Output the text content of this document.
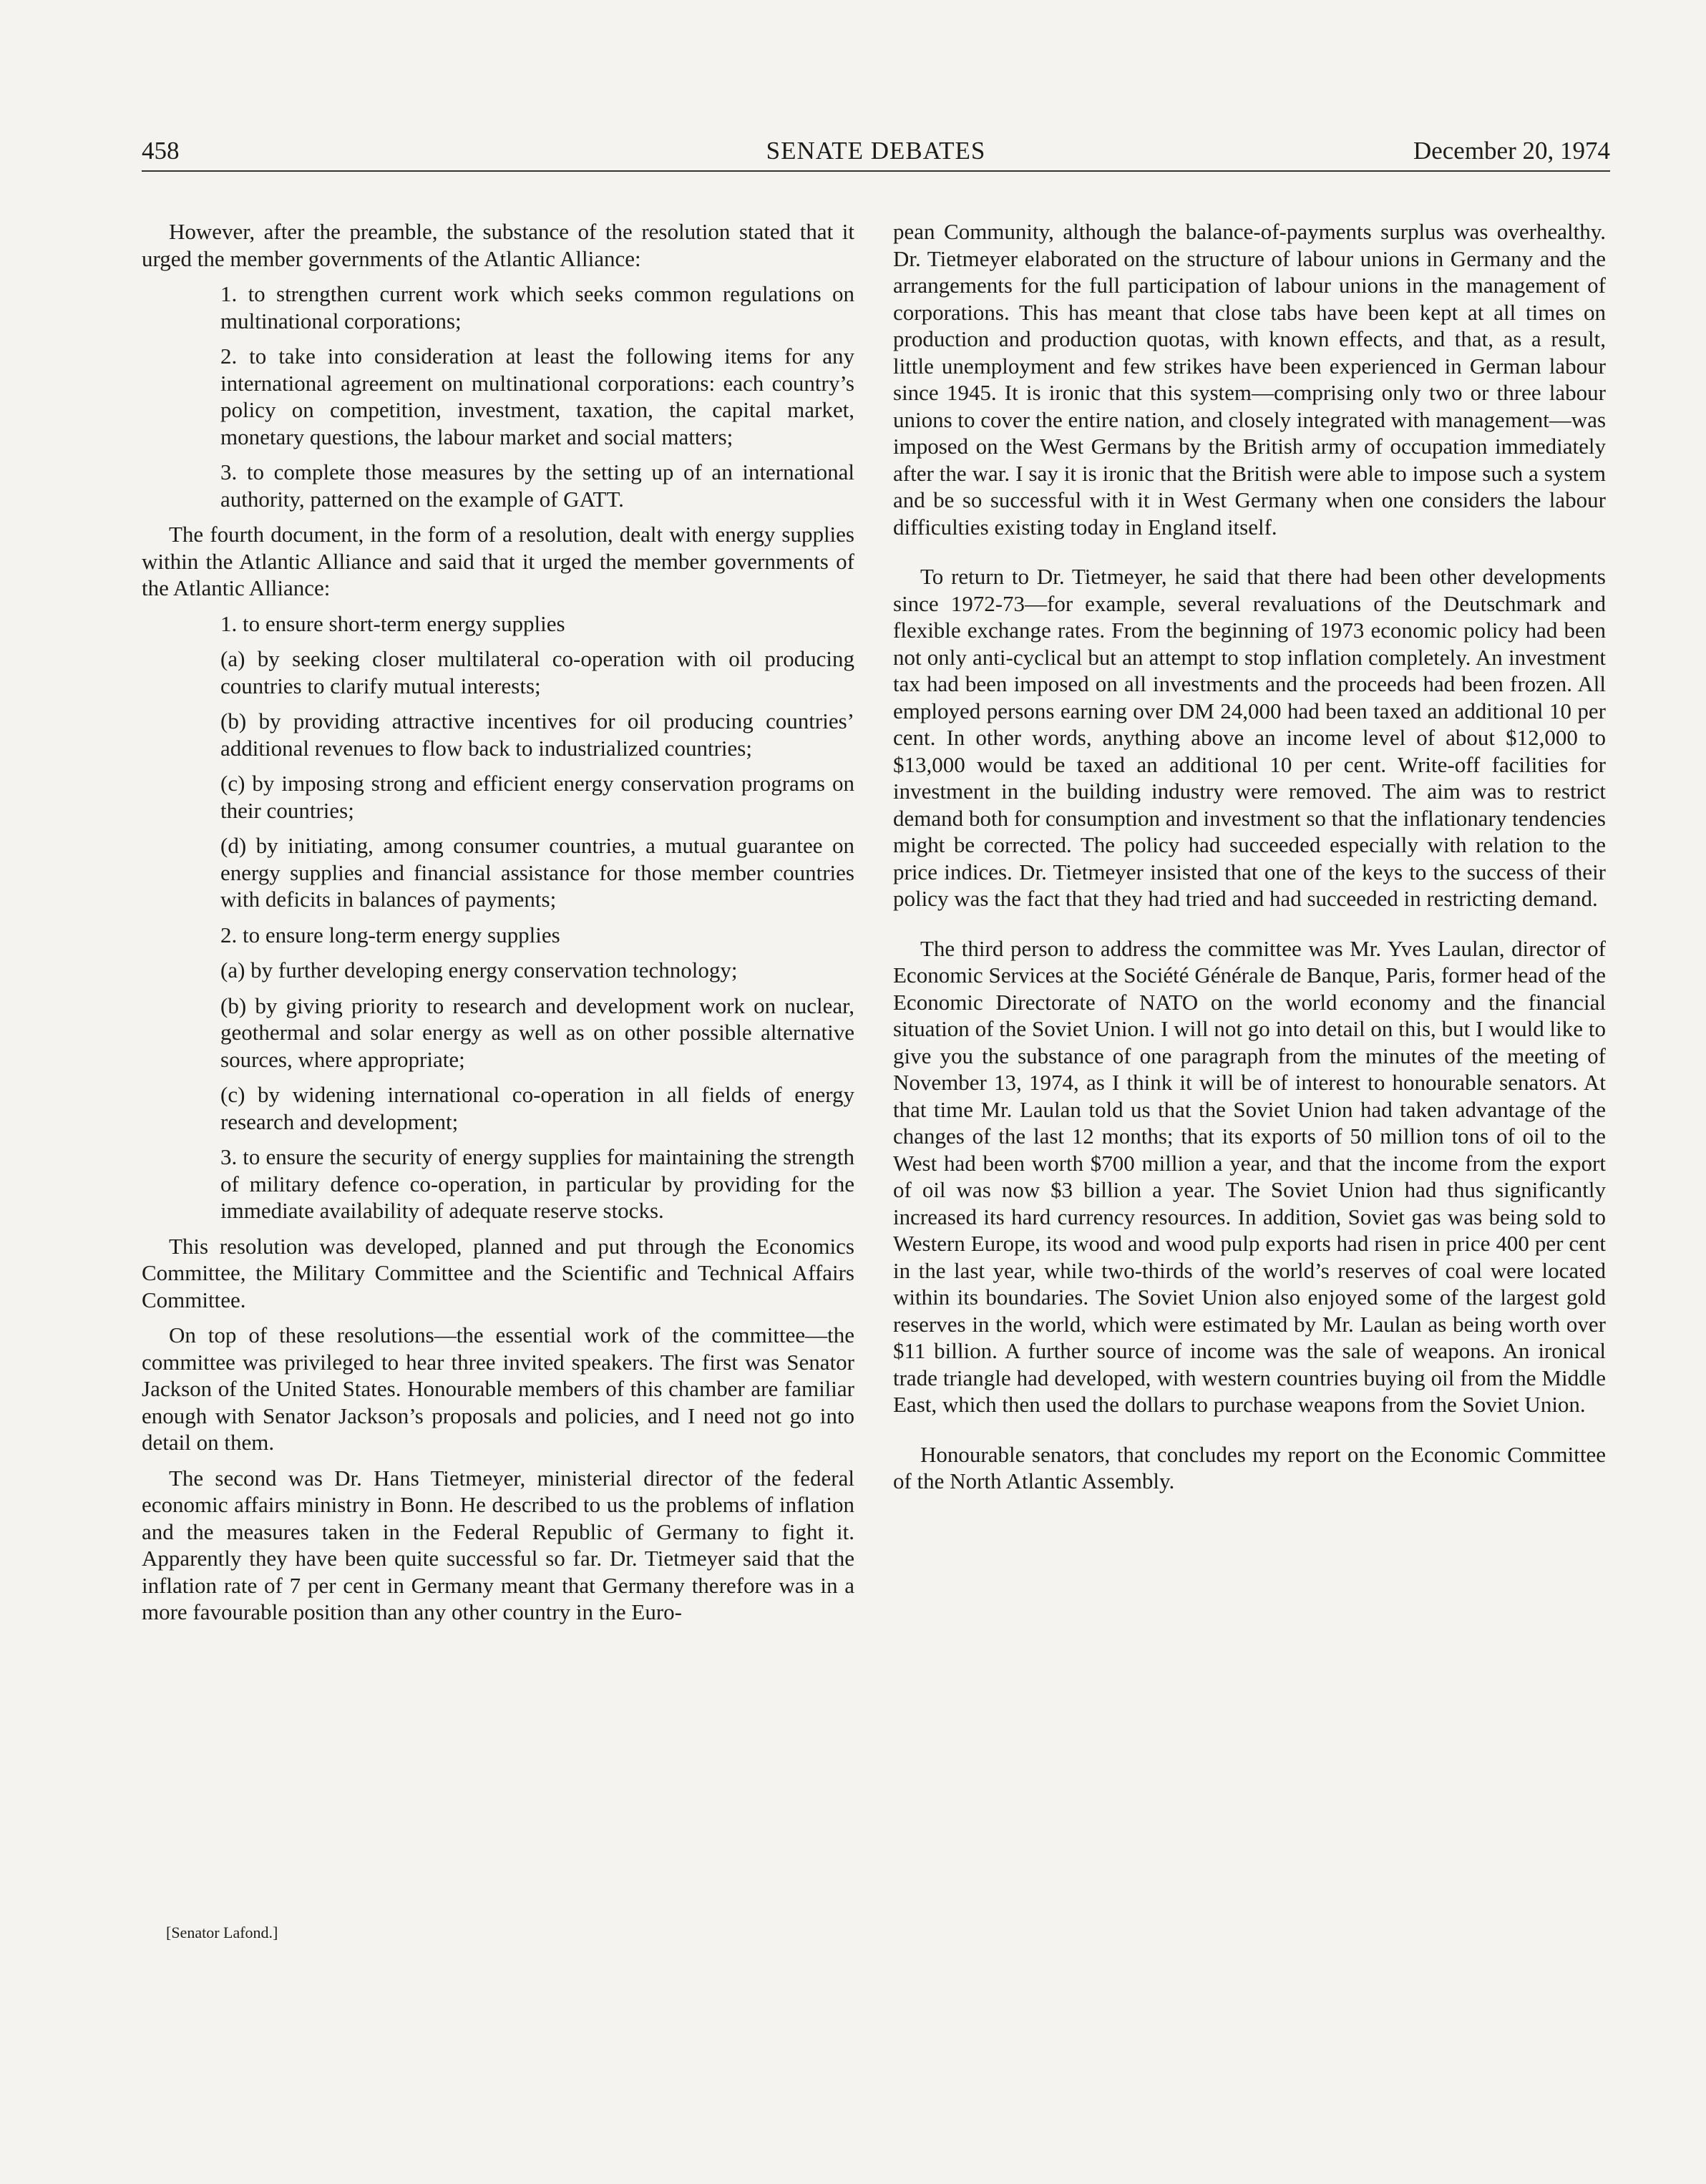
SENATE DEBATES
458	December 20, 1974

However, after the preamble, the substance of the resolution stated that it urged the member governments of the Atlantic Alliance:

1. to strengthen current work which seeks common regulations on multinational corporations;

2. to take into consideration at least the following items for any international agreement on multinational corporations: each country’s policy on competition, investment, taxation, the capital market, monetary questions, the labour market and social matters;

3. to complete those measures by the setting up of an international authority, patterned on the example of GATT.

The fourth document, in the form of a resolution, dealt with energy supplies within the Atlantic Alliance and said that it urged the member governments of the Atlantic Alliance:

1. to ensure short-term energy supplies

(a) by seeking closer multilateral co-operation with oil producing countries to clarify mutual interests;

(b) by providing attractive incentives for oil producing countries’ additional revenues to flow back to industrialized countries;

(c) by imposing strong and efficient energy conservation programs on their countries;

(d) by initiating, among consumer countries, a mutual guarantee on energy supplies and financial assistance for those member countries with deficits in balances of payments;

2. to ensure long-term energy supplies

(a) by further developing energy conservation technology;

(b) by giving priority to research and development work on nuclear, geothermal and solar energy as well as on other possible alternative sources, where appropriate;

(c) by widening international co-operation in all fields of energy research and development;

3. to ensure the security of energy supplies for maintaining the strength of military defence co-operation, in particular by providing for the immediate availability of adequate reserve stocks.

This resolution was developed, planned and put through the Economics Committee, the Military Committee and the Scientific and Technical Affairs Committee.

On top of these resolutions—the essential work of the committee—the committee was privileged to hear three invited speakers. The first was Senator Jackson of the United States. Honourable members of this chamber are familiar enough with Senator Jackson’s proposals and policies, and I need not go into detail on them.

The second was Dr. Hans Tietmeyer, ministerial director of the federal economic affairs ministry in Bonn. He described to us the problems of inflation and the measures taken in the Federal Republic of Germany to fight it. Apparently they have been quite successful so far. Dr. Tietmeyer said that the inflation rate of 7 per cent in Germany meant that Germany therefore was in a more favourable position than any other country in the Euro-

pean Community, although the balance-of-payments surplus was overhealthy. Dr. Tietmeyer elaborated on the structure of labour unions in Germany and the arrangements for the full participation of labour unions in the management of corporations. This has meant that close tabs have been kept at all times on production and production quotas, with known effects, and that, as a result, little unemployment and few strikes have been experienced in German labour since 1945. It is ironic that this system—comprising only two or three labour unions to cover the entire nation, and closely integrated with management—was imposed on the West Germans by the British army of occupation immediately after the war. I say it is ironic that the British were able to impose such a system and be so successful with it in West Germany when one considers the labour difficulties existing today in England itself.

To return to Dr. Tietmeyer, he said that there had been other developments since 1972-73—for example, several revaluations of the Deutschmark and flexible exchange rates. From the beginning of 1973 economic policy had been not only anti-cyclical but an attempt to stop inflation completely. An investment tax had been imposed on all investments and the proceeds had been frozen. All employed persons earning over DM 24,000 had been taxed an additional 10 per cent. In other words, anything above an income level of about $12,000 to $13,000 would be taxed an additional 10 per cent. Write-off facilities for investment in the building industry were removed. The aim was to restrict demand both for consumption and investment so that the inflationary tendencies might be corrected. The policy had succeeded especially with relation to the price indices. Dr. Tietmeyer insisted that one of the keys to the success of their policy was the fact that they had tried and had succeeded in restricting demand.

The third person to address the committee was Mr. Yves Laulan, director of Economic Services at the Société Générale de Banque, Paris, former head of the Economic Directorate of NATO on the world economy and the financial situation of the Soviet Union. I will not go into detail on this, but I would like to give you the substance of one paragraph from the minutes of the meeting of November 13, 1974, as I think it will be of interest to honourable senators. At that time Mr. Laulan told us that the Soviet Union had taken advantage of the changes of the last 12 months; that its exports of 50 million tons of oil to the West had been worth $700 million a year, and that the income from the export of oil was now $3 billion a year. The Soviet Union had thus significantly increased its hard currency resources. In addition, Soviet gas was being sold to Western Europe, its wood and wood pulp exports had risen in price 400 per cent in the last year, while two-thirds of the world’s reserves of coal were located within its boundaries. The Soviet Union also enjoyed some of the largest gold reserves in the world, which were estimated by Mr. Laulan as being worth over $11 billion. A further source of income was the sale of weapons. An ironical trade triangle had developed, with western countries buying oil from the Middle East, which then used the dollars to purchase weapons from the Soviet Union.

Honourable senators, that concludes my report on the Economic Committee of the North Atlantic Assembly.

[Senator Lafond.]
